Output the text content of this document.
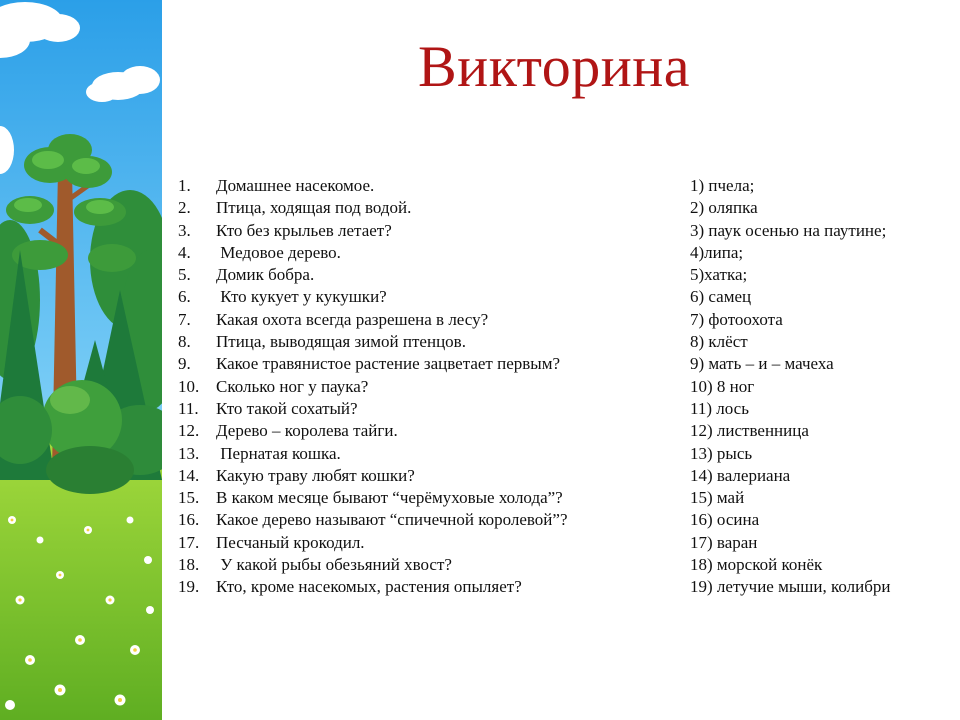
Викторина
1. Домашнее насекомое.
2. Птица, ходящая под водой.
3. Кто без крыльев летает?
4. Медовое дерево.
5. Домик бобра.
6. Кто кукует у кукушки?
7. Какая охота всегда разрешена в лесу?
8. Птица, выводящая зимой птенцов.
9. Какое травянистое растение зацветает первым?
10. Сколько ног у паука?
11. Кто такой сохатый?
12. Дерево – королева тайги.
13. Пернатая кошка.
14. Какую траву любят кошки?
15. В каком месяце бывают “черёмуховые холода”?
16. Какое дерево называют “спичечной королевой”?
17. Песчаный крокодил.
18. У какой рыбы обезьяний хвост?
19. Кто, кроме насекомых, растения опыляет?
1) пчела;
2) оляпка
3) паук осенью на паутине;
4)липа;
5)хатка;
6) самец
7) фотоохота
8) клёст
9) мать – и – мачеха
10) 8 ног
11) лось
12) лиственница
13) рысь
14) валериана
15) май
16) осина
17) варан
18) морской конёк
19) летучие мыши, колибри
